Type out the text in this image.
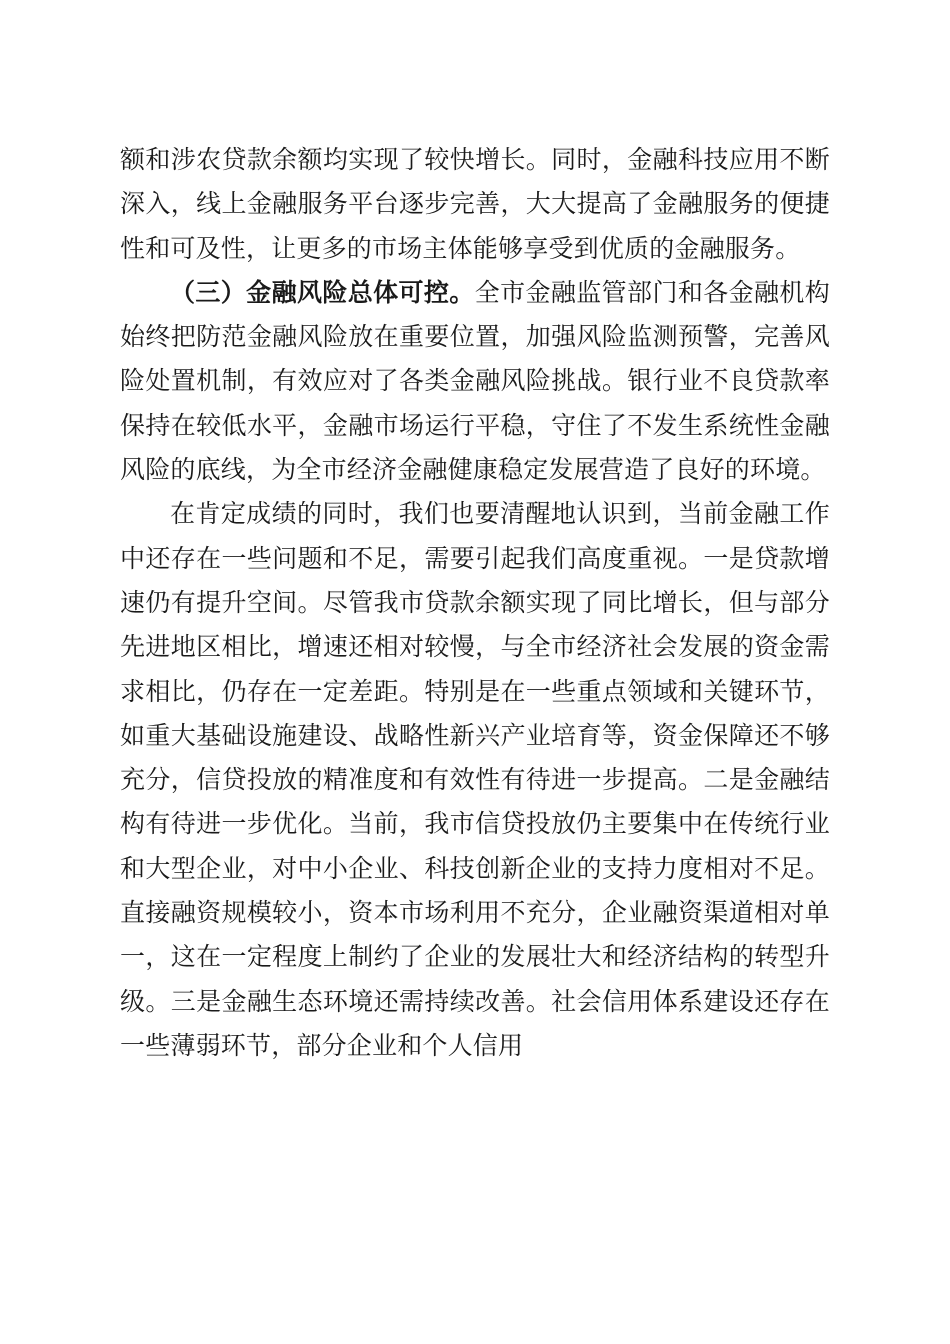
额和涉农贷款余额均实现了较快增长。同时，金融科技应用不断深入，线上金融服务平台逐步完善，大大提高了金融服务的便捷性和可及性，让更多的市场主体能够享受到优质的金融服务。

（三）金融风险总体可控。全市金融监管部门和各金融机构始终把防范金融风险放在重要位置，加强风险监测预警，完善风险处置机制，有效应对了各类金融风险挑战。银行业不良贷款率保持在较低水平，金融市场运行平稳，守住了不发生系统性金融风险的底线，为全市经济金融健康稳定发展营造了良好的环境。

在肯定成绩的同时，我们也要清醒地认识到，当前金融工作中还存在一些问题和不足，需要引起我们高度重视。一是贷款增速仍有提升空间。尽管我市贷款余额实现了同比增长，但与部分先进地区相比，增速还相对较慢，与全市经济社会发展的资金需求相比，仍存在一定差距。特别是在一些重点领域和关键环节，如重大基础设施建设、战略性新兴产业培育等，资金保障还不够充分，信贷投放的精准度和有效性有待进一步提高。二是金融结构有待进一步优化。当前，我市信贷投放仍主要集中在传统行业和大型企业，对中小企业、科技创新企业的支持力度相对不足。直接融资规模较小，资本市场利用不充分，企业融资渠道相对单一，这在一定程度上制约了企业的发展壮大和经济结构的转型升级。三是金融生态环境还需持续改善。社会信用体系建设还存在一些薄弱环节，部分企业和个人信用
